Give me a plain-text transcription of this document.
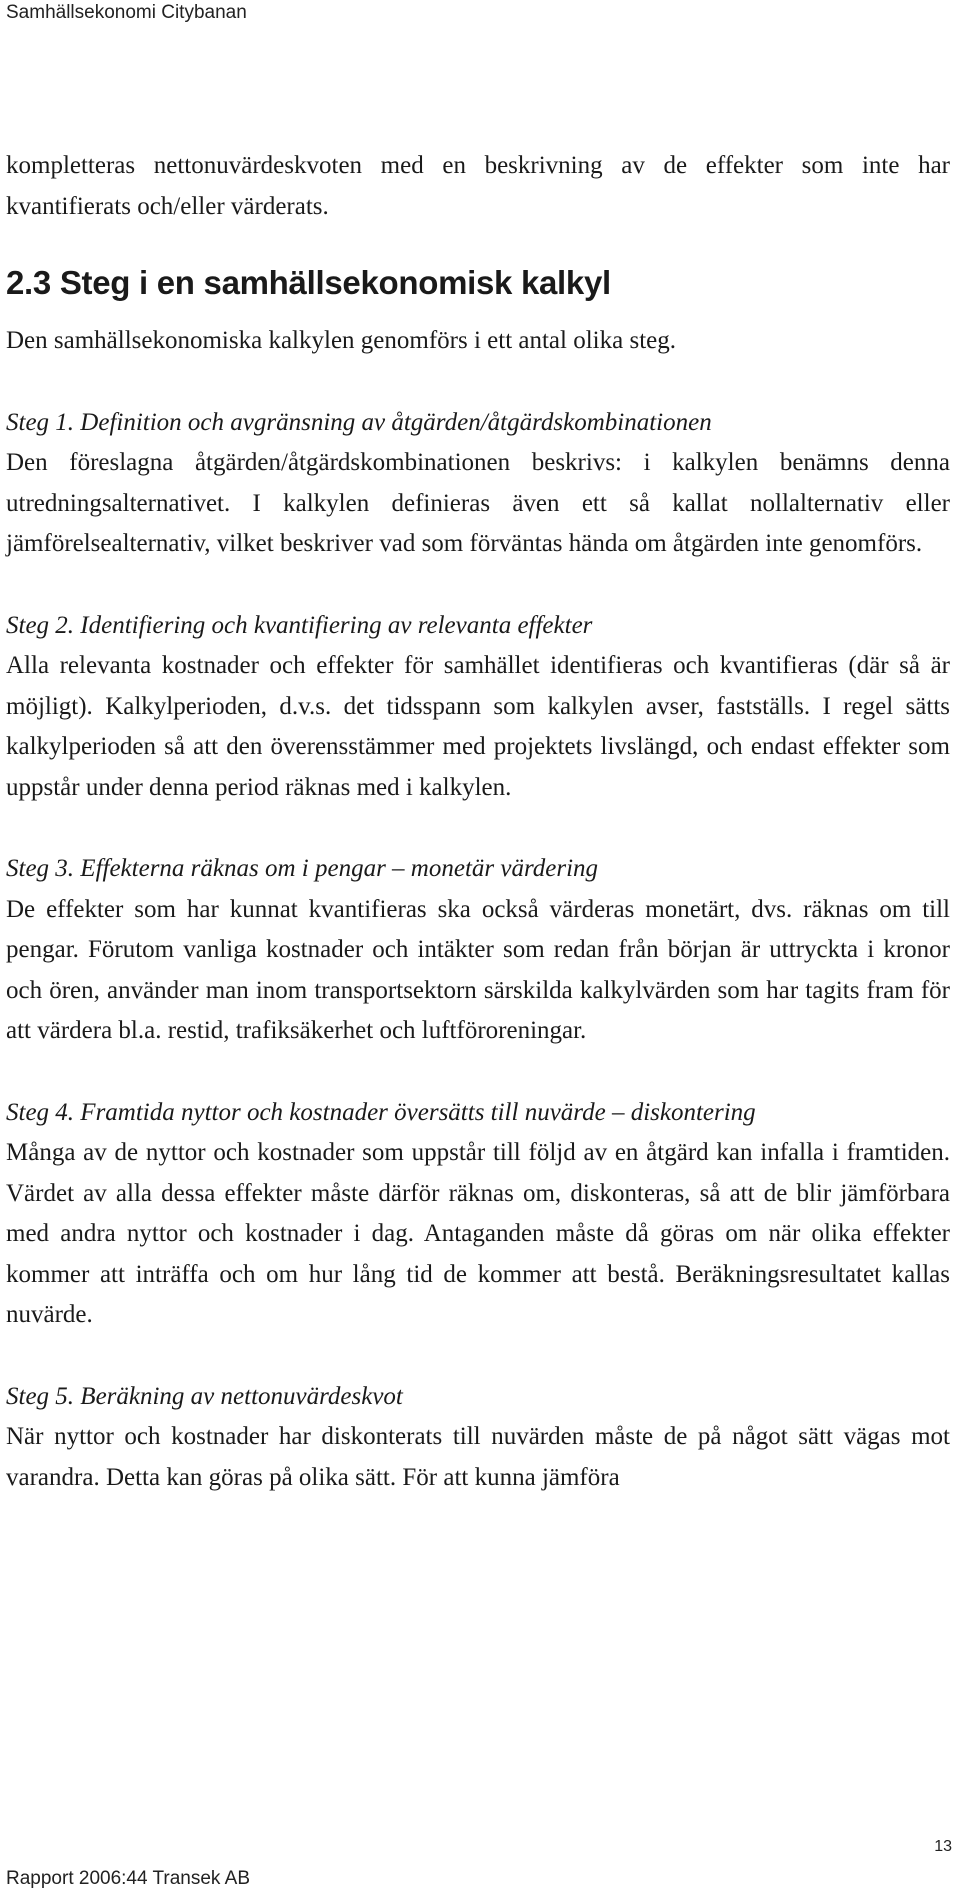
Samhällsekonomi Citybanan

kompletteras nettonuvärdeskvoten med en beskrivning av de effekter som inte har kvantifierats och/eller värderats.

2.3 Steg i en samhällsekonomisk kalkyl

Den samhällsekonomiska kalkylen genomförs i ett antal olika steg.

Steg 1. Definition och avgränsning av åtgärden/åtgärdskombinationen

Den föreslagna åtgärden/åtgärdskombinationen beskrivs: i kalkylen benämns denna utredningsalternativet. I kalkylen definieras även ett så kallat nollalternativ eller jämförelsealternativ, vilket beskriver vad som förväntas hända om åtgärden inte genomförs.

Steg 2. Identifiering och kvantifiering av relevanta effekter

Alla relevanta kostnader och effekter för samhället identifieras och kvantifieras (där så är möjligt). Kalkylperioden, d.v.s. det tidsspann som kalkylen avser, fastställs. I regel sätts kalkylperioden så att den överensstämmer med projektets livslängd, och endast effekter som uppstår under denna period räknas med i kalkylen.

Steg 3. Effekterna räknas om i pengar – monetär värdering

De effekter som har kunnat kvantifieras ska också värderas monetärt, dvs. räknas om till pengar. Förutom vanliga kostnader och intäkter som redan från början är uttryckta i kronor och ören, använder man inom transportsektorn särskilda kalkylvärden som har tagits fram för att värdera bl.a. restid, trafiksäkerhet och luftföroreningar.

Steg 4. Framtida nyttor och kostnader översätts till nuvärde – diskontering

Många av de nyttor och kostnader som uppstår till följd av en åtgärd kan infalla i framtiden. Värdet av alla dessa effekter måste därför räknas om, diskonteras, så att de blir jämförbara med andra nyttor och kostnader i dag. Antaganden måste då göras om när olika effekter kommer att inträffa och om hur lång tid de kommer att bestå. Beräkningsresultatet kallas nuvärde.

Steg 5. Beräkning av nettonuvärdeskvot

När nyttor och kostnader har diskonterats till nuvärden måste de på något sätt vägas mot varandra. Detta kan göras på olika sätt. För att kunna jämföra

13
Rapport 2006:44 Transek AB
